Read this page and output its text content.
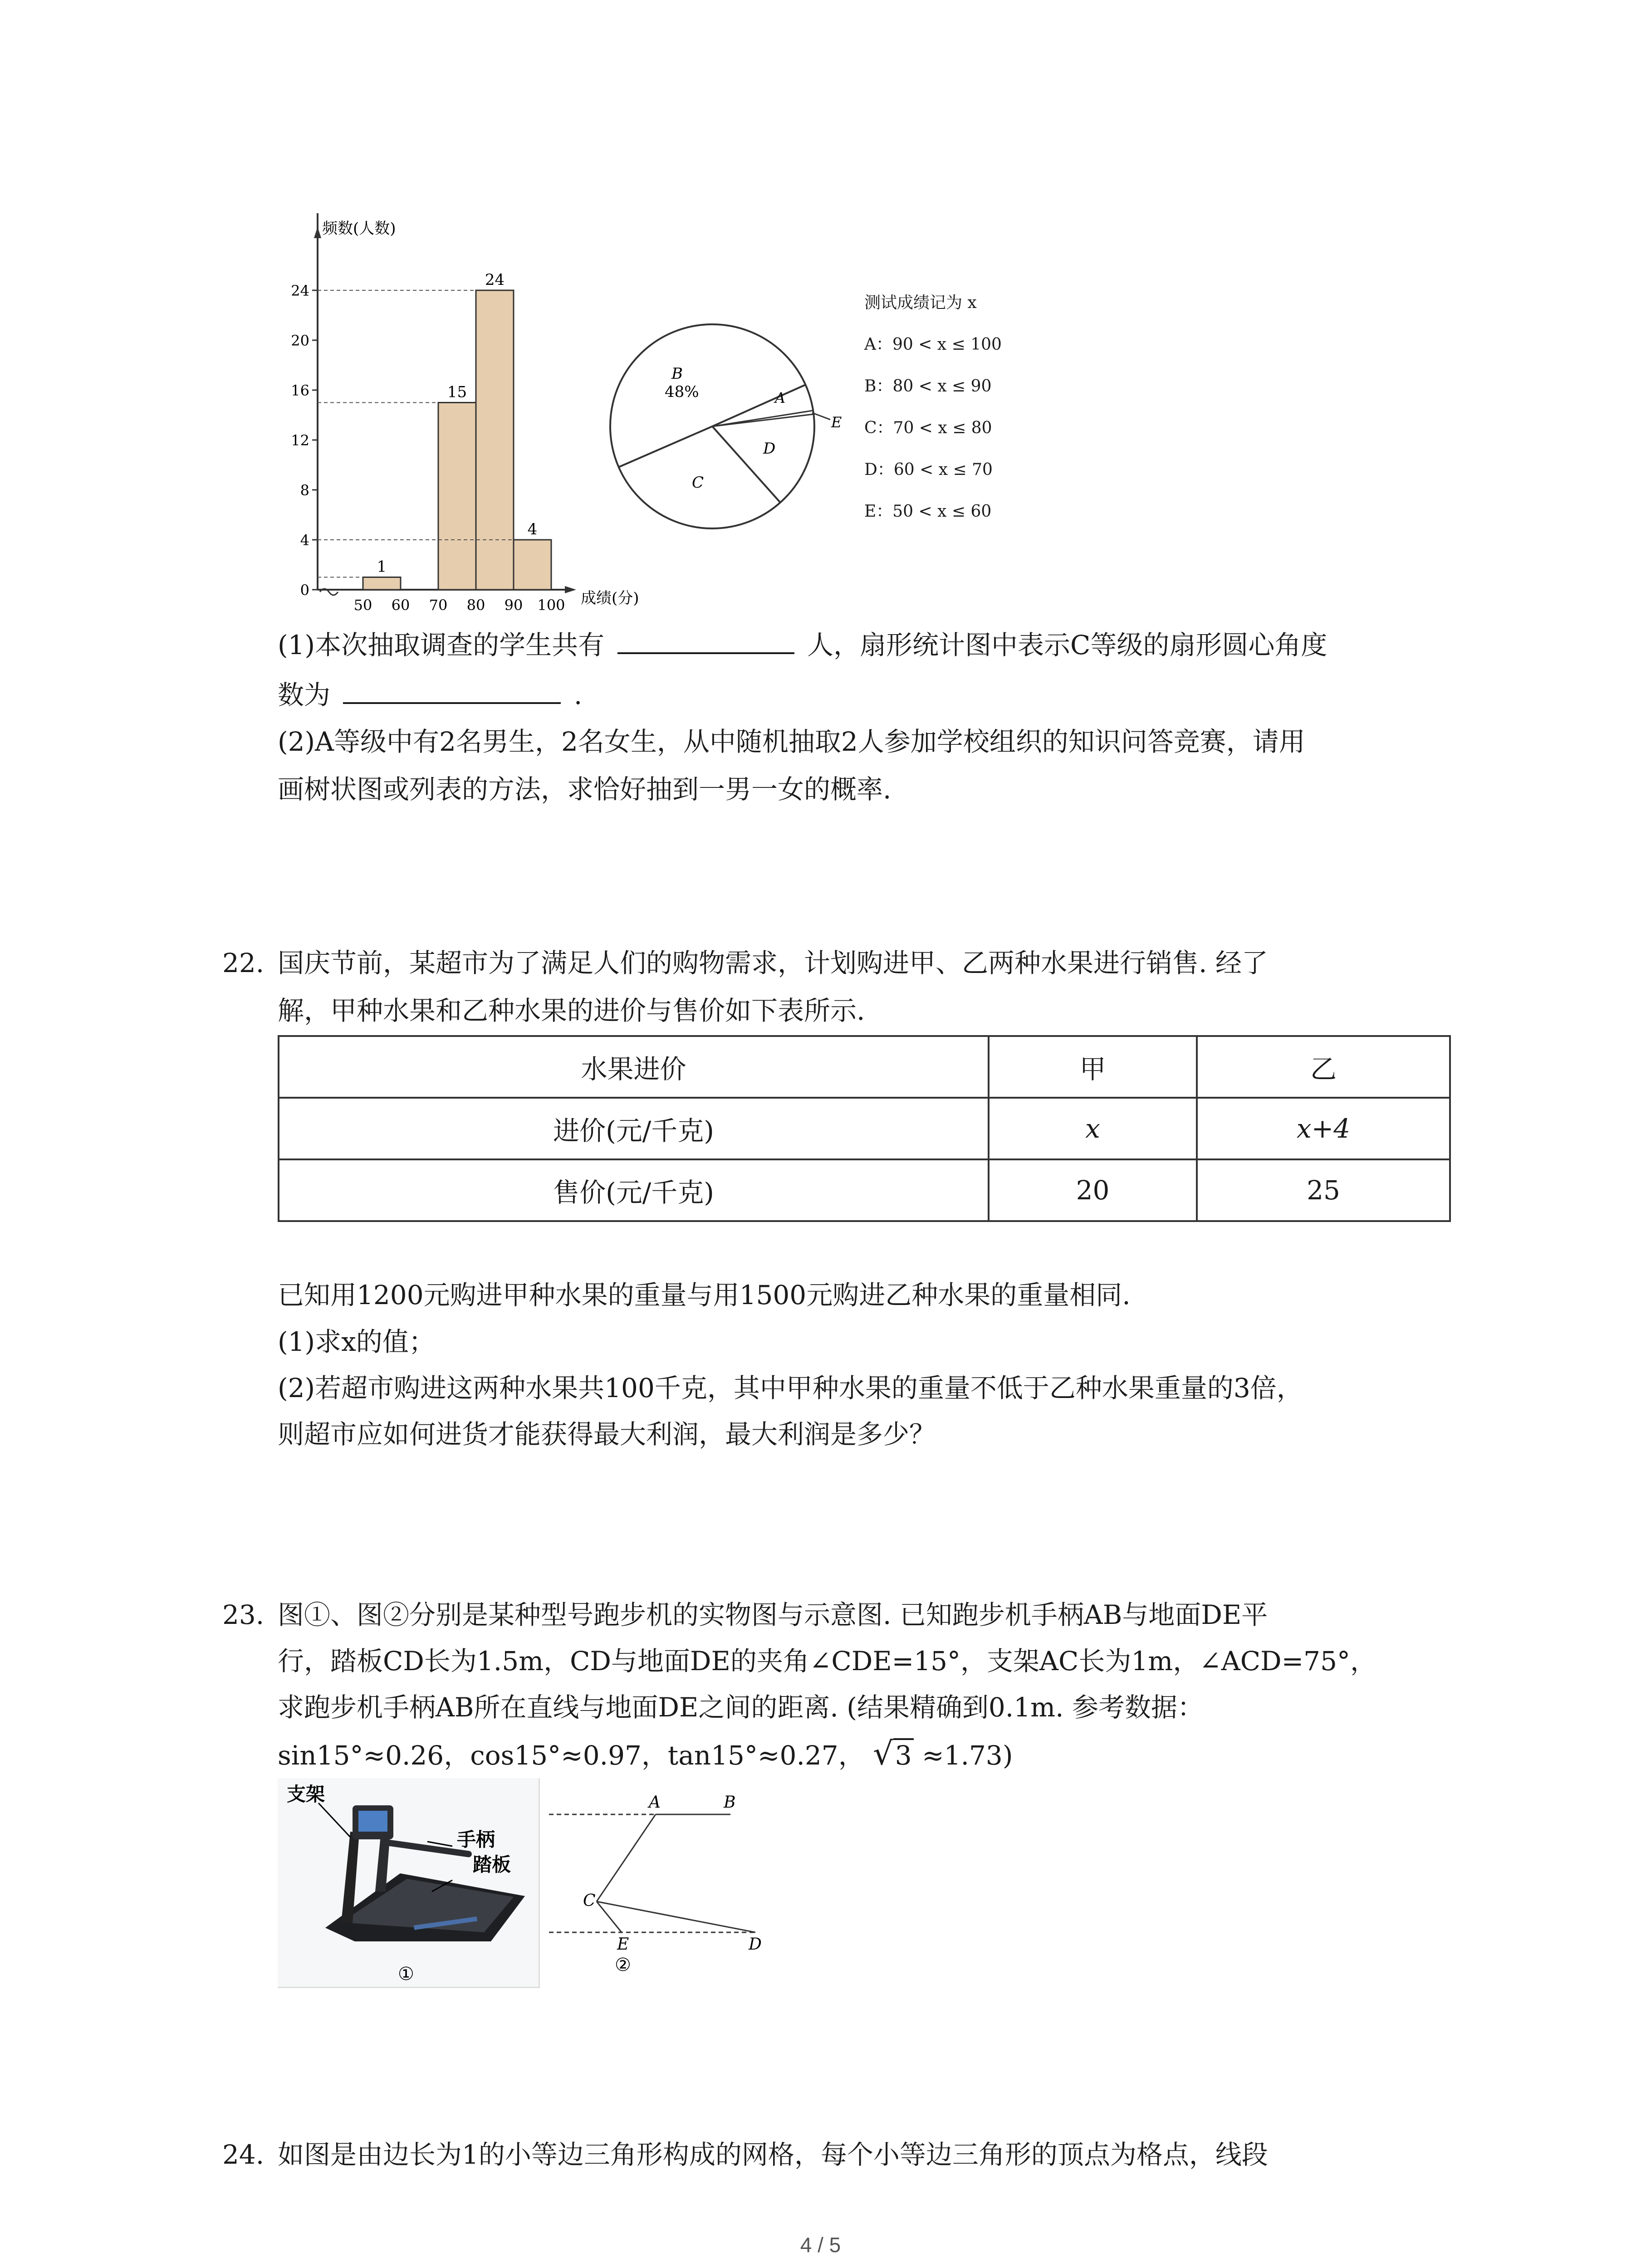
频数(人数)
成绩(分)
0
4
8
12
16
20
24
50 60 70 80 90 100
1
15
24
4
B
48%	A
E
D
C
测试成绩记为 x
A：90 < x ≤ 100
B：80 < x ≤ 90
C：70 < x ≤ 80
D：60 < x ≤ 70
E：50 < x ≤ 60
(1)本次抽取调查的学生共有	人，扇形统计图中表示C等级的扇形圆心角度
数为	.
(2)A等级中有2名男生，2名女生，从中随机抽取2人参加学校组织的知识问答竞赛，请用
画树状图或列表的方法，求恰好抽到一男一女的概率.
22. 国庆节前，某超市为了满足人们的购物需求，计划购进甲、乙两种水果进行销售. 经了
解，甲种水果和乙种水果的进价与售价如下表所示.
水果进价	甲	乙
进价(元/千克)	x	x+4
售价(元/千克)	20	25
已知用1200元购进甲种水果的重量与用1500元购进乙种水果的重量相同.
(1)求x的值；
(2)若超市购进这两种水果共100千克，其中甲种水果的重量不低于乙种水果重量的3倍，
则超市应如何进货才能获得最大利润，最大利润是多少？
23. 图①、图②分别是某种型号跑步机的实物图与示意图. 已知跑步机手柄AB与地面DE平
行，踏板CD长为1.5m，CD与地面DE的夹角∠CDE=15°，支架AC长为1m，∠ACD=75°，
求跑步机手柄AB所在直线与地面DE之间的距离. (结果精确到0.1m. 参考数据：
sin15°≈0.26，cos15°≈0.97，tan15°≈0.27， √3 ≈1.73)
支架
手柄
踏板
①
A	B
C
E	D
②
24. 如图是由边长为1的小等边三角形构成的网格，每个小等边三角形的顶点为格点，线段
4 / 5
